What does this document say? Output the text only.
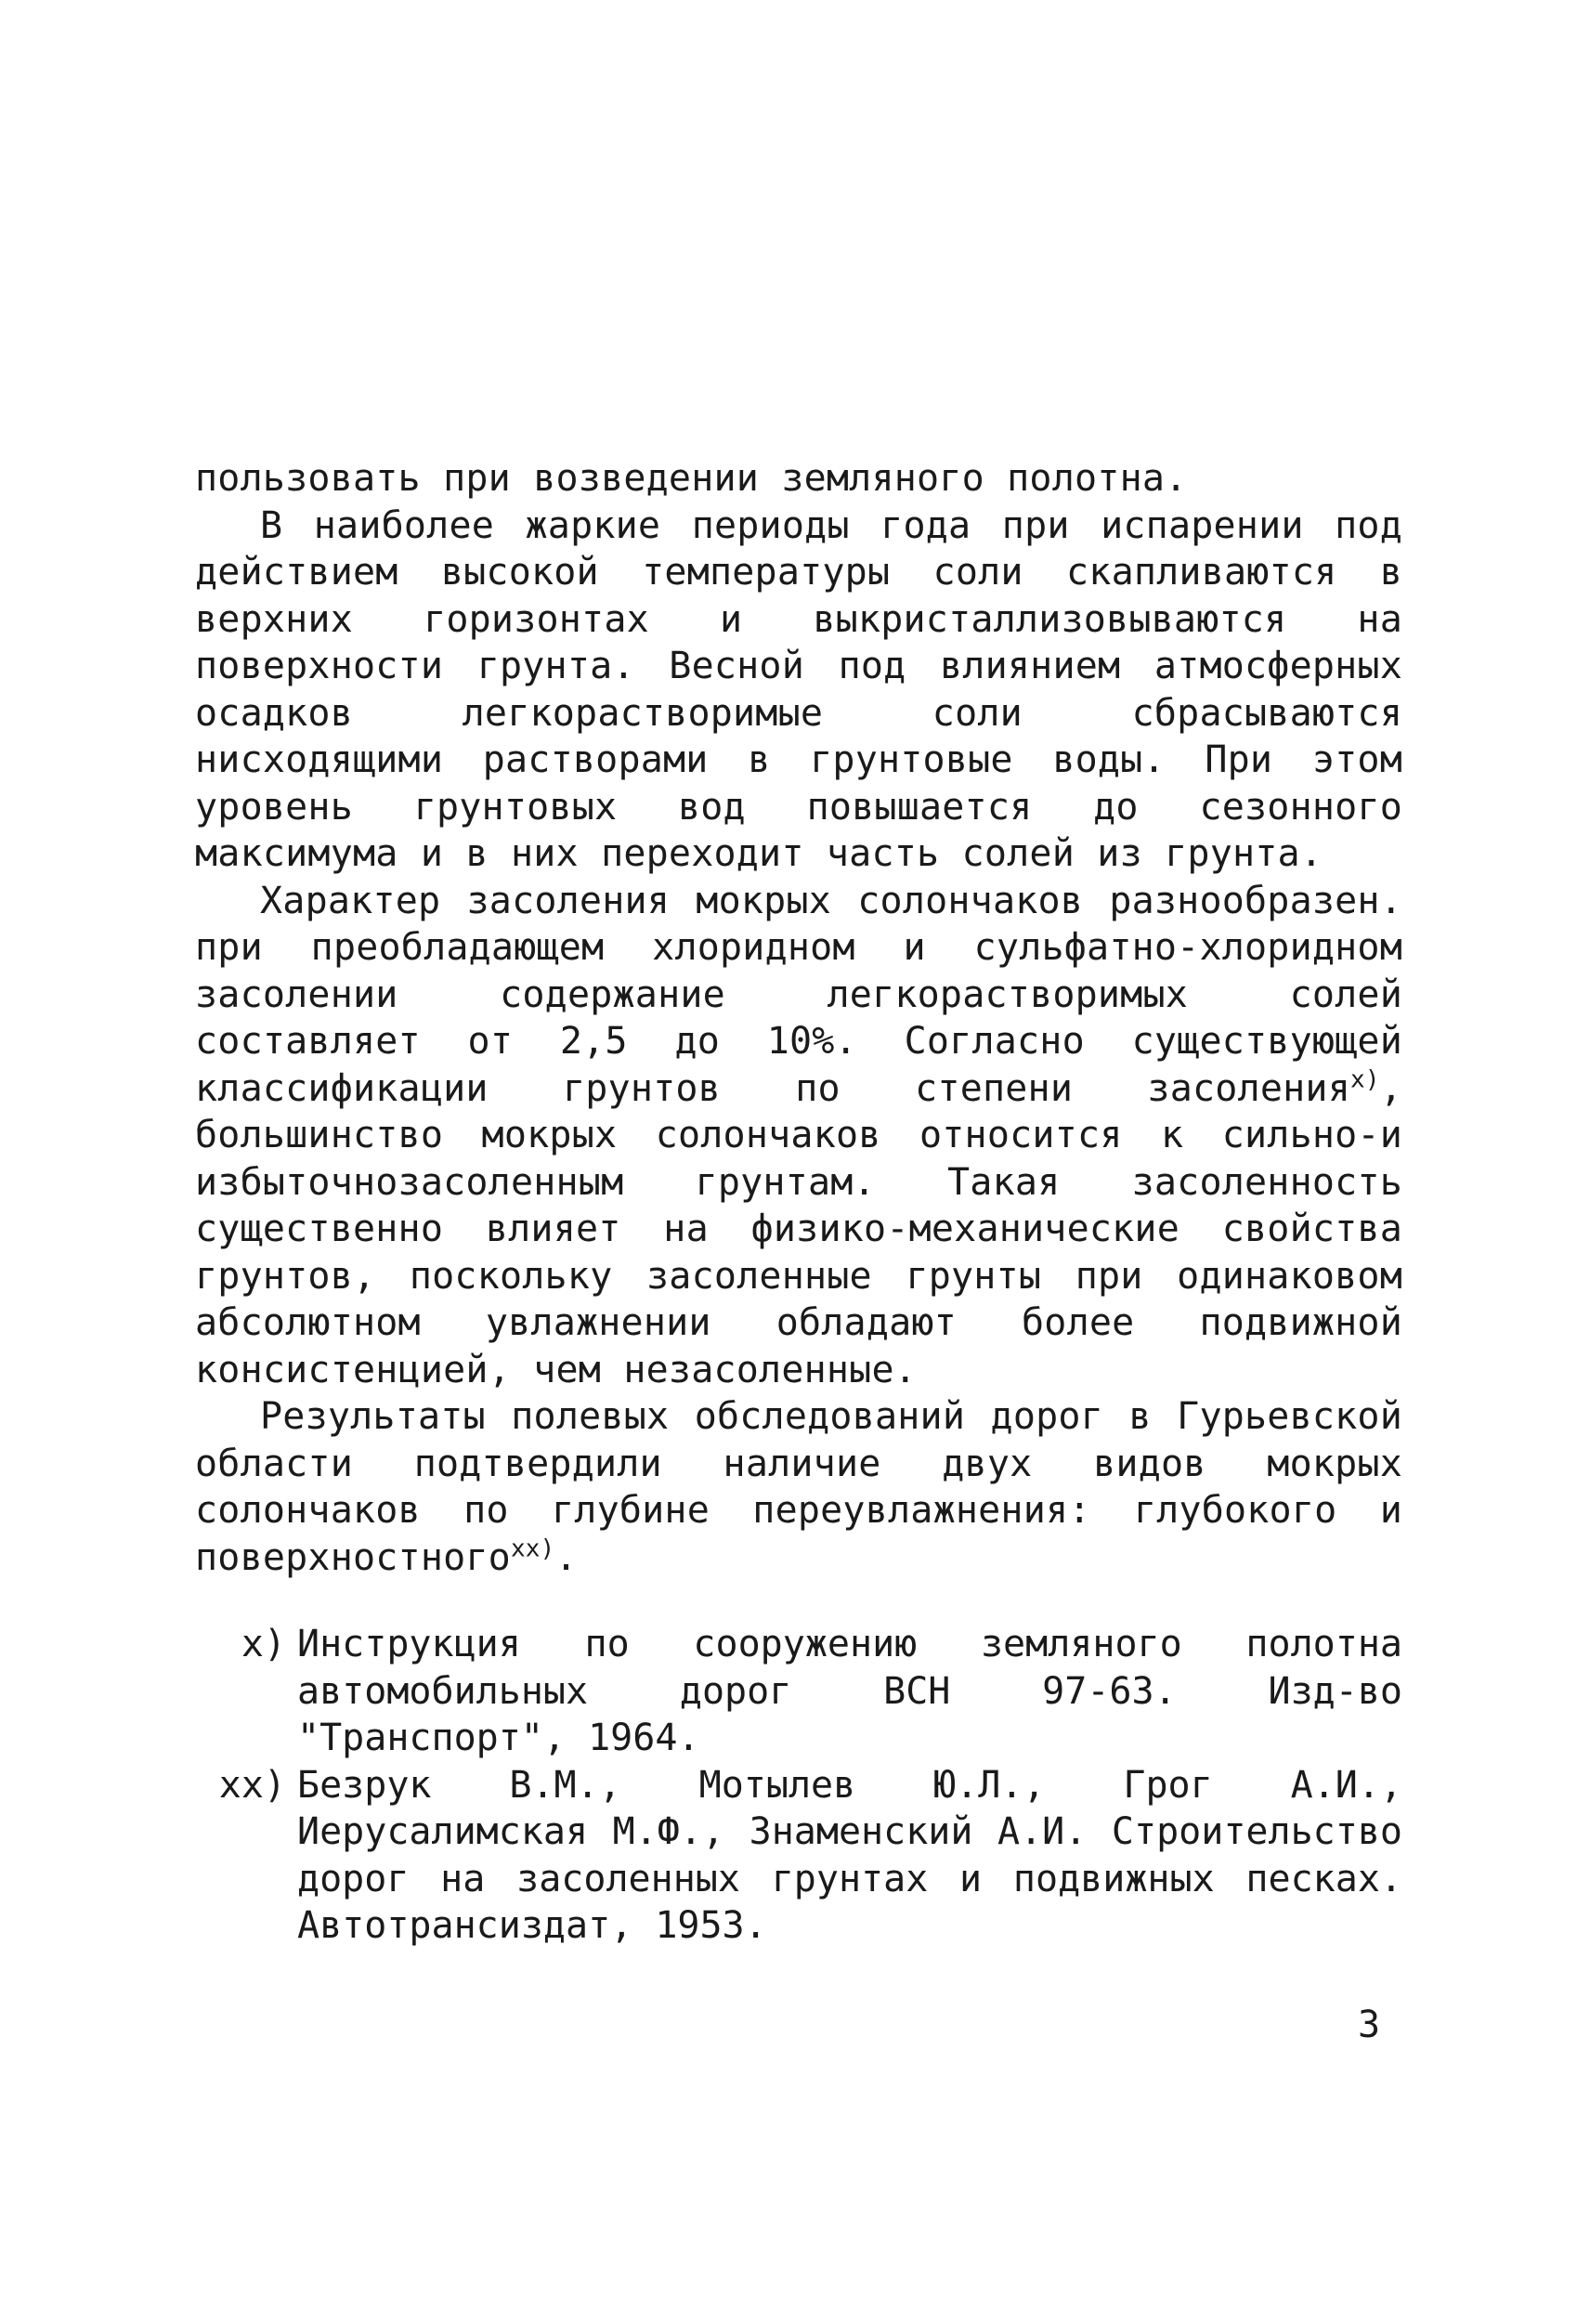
пользовать при возведении земляного полотна.

В наиболее жаркие периоды года при испарении под действием высокой температуры соли скапливаются в верхних горизонтах и выкристаллизовываются на поверхности грунта. Весной под влиянием атмосферных осадков легкорастворимые соли сбрасываются нисходящими растворами в грунтовые воды. При этом уровень грунтовых вод повышается до сезонного максимума и в них переходит часть солей из грунта.

Характер засоления мокрых солончаков разнообразен. при преобладающем хлоридном и сульфатно-хлоридном засолении содержание легкорастворимых солей составляет от 2,5 до 10%. Согласно существующей классификации грунтов по степени засоления$^{x)}$, большинство мокрых солончаков относится к сильно-и избыточнозасоленным грунтам. Такая засоленность существенно влияет на физико-механические свойства грунтов, поскольку засоленные грунты при одинаковом абсолютном увлажнении обладают более подвижной консистенцией, чем незасоленные.

Результаты полевых обследований дорог в Гурьевской области подтвердили наличие двух видов мокрых солончаков по глубине переувлажнения: глубокого и поверхностного$^{xx)}$.

x) Инструкция по сооружению земляного полотна автомобильных дорог ВСН 97-63. Изд-во "Транспорт", 1964.
xx) Безрук В.М., Мотылев Ю.Л., Грог А.И., Иерусалимская М.Ф., Знаменский А.И. Строительство дорог на засоленных грунтах и подвижных песках. Автотрансиздат, 1953.
3
